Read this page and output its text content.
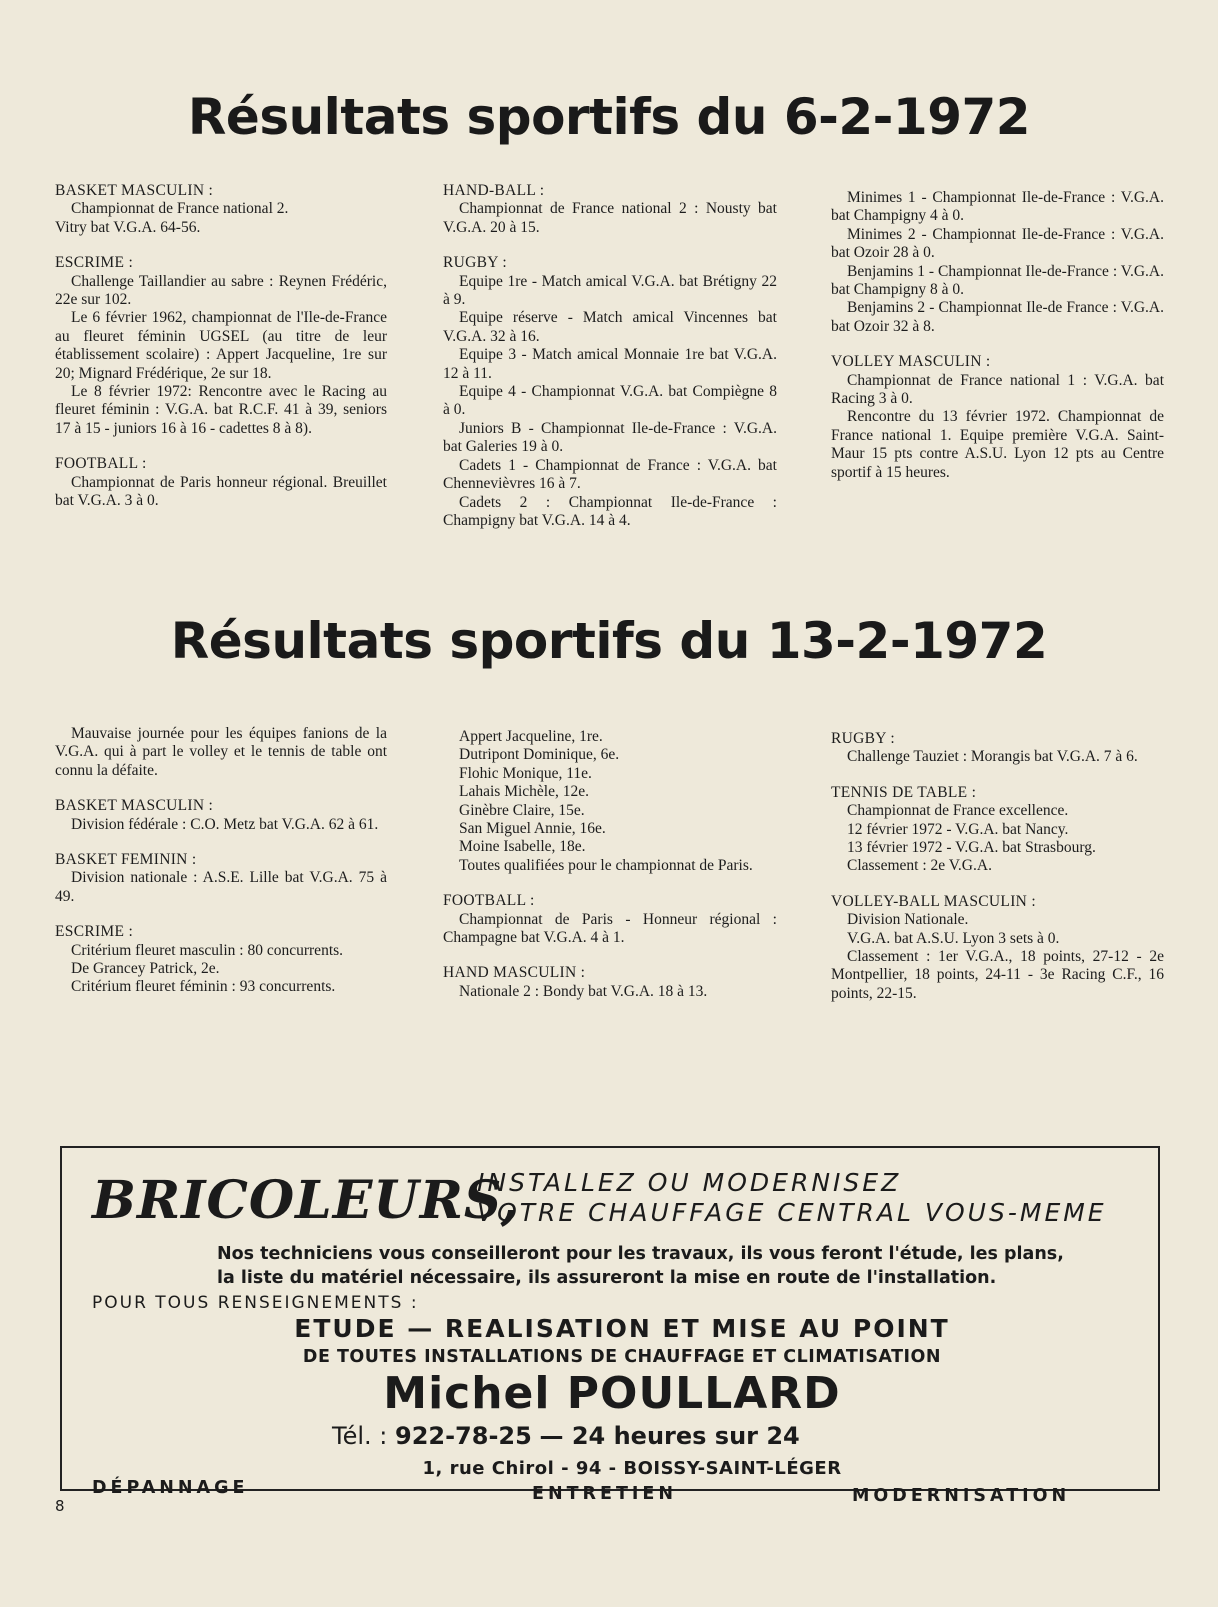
Résultats sportifs du 6-2-1972

BASKET MASCULIN :

Championnat de France national 2.

Vitry bat V.G.A. 64-56.

ESCRIME :

Challenge Taillandier au sabre : Reynen Frédéric, 22e sur 102.

Le 6 février 1962, championnat de l'Ile-de-France au fleuret féminin UGSEL (au titre de leur établissement scolaire) : Appert Jacqueline, 1re sur 20; Mignard Frédérique, 2e sur 18.

Le 8 février 1972: Rencontre avec le Racing au fleuret féminin : V.G.A. bat R.C.F. 41 à 39, seniors 17 à 15 - juniors 16 à 16 - cadettes 8 à 8).

FOOTBALL :

Championnat de Paris honneur régional. Breuillet bat V.G.A. 3 à 0.

HAND-BALL :

Championnat de France national 2 : Nousty bat V.G.A. 20 à 15.

RUGBY :

Equipe 1re - Match amical V.G.A. bat Brétigny 22 à 9.

Equipe réserve - Match amical Vincennes bat V.G.A. 32 à 16.

Equipe 3 - Match amical Monnaie 1re bat V.G.A. 12 à 11.

Equipe 4 - Championnat V.G.A. bat Compiègne 8 à 0.

Juniors B - Championnat Ile-de-France : V.G.A. bat Galeries 19 à 0.

Cadets 1 - Championnat de France : V.G.A. bat Chennevièvres 16 à 7.

Cadets 2 : Championnat Ile-de-France : Champigny bat V.G.A. 14 à 4.

Minimes 1 - Championnat Ile-de-France : V.G.A. bat Champigny 4 à 0.

Minimes 2 - Championnat Ile-de-France : V.G.A. bat Ozoir 28 à 0.

Benjamins 1 - Championnat Ile-de-France : V.G.A. bat Champigny 8 à 0.

Benjamins 2 - Championnat Ile-de France : V.G.A. bat Ozoir 32 à 8.

VOLLEY MASCULIN :

Championnat de France national 1 : V.G.A. bat Racing 3 à 0.

Rencontre du 13 février 1972. Championnat de France national 1. Equipe première V.G.A. Saint-Maur 15 pts contre A.S.U. Lyon 12 pts au Centre sportif à 15 heures.

Résultats sportifs du 13-2-1972

Mauvaise journée pour les équipes fanions de la V.G.A. qui à part le volley et le tennis de table ont connu la défaite.

BASKET MASCULIN :

Division fédérale : C.O. Metz bat V.G.A. 62 à 61.

BASKET FEMININ :

Division nationale : A.S.E. Lille bat V.G.A. 75 à 49.

ESCRIME :

Critérium fleuret masculin : 80 concurrents.

De Grancey Patrick, 2e.

Critérium fleuret féminin : 93 concurrents.

Appert Jacqueline, 1re.

Dutripont Dominique, 6e.

Flohic Monique, 11e.

Lahais Michèle, 12e.

Ginèbre Claire, 15e.

San Miguel Annie, 16e.

Moine Isabelle, 18e.

Toutes qualifiées pour le championnat de Paris.

FOOTBALL :

Championnat de Paris - Honneur régional : Champagne bat V.G.A. 4 à 1.

HAND MASCULIN :

Nationale 2 : Bondy bat V.G.A. 18 à 13.

RUGBY :

Challenge Tauziet : Morangis bat V.G.A. 7 à 6.

TENNIS DE TABLE :

Championnat de France excellence.

12 février 1972 - V.G.A. bat Nancy.

13 février 1972 - V.G.A. bat Strasbourg.

Classement : 2e V.G.A.

VOLLEY-BALL MASCULIN :

Division Nationale.

V.G.A. bat A.S.U. Lyon 3 sets à 0.

Classement : 1er V.G.A., 18 points, 27-12 - 2e Montpellier, 18 points, 24-11 - 3e Racing C.F., 16 points, 22-15.

BRICOLEURS,
INSTALLEZ OU MODERNISEZ
VOTRE CHAUFFAGE CENTRAL VOUS-MEME
Nos techniciens vous conseilleront pour les travaux, ils vous feront l'étude, les plans,
la liste du matériel nécessaire, ils assureront la mise en route de l'installation.
POUR TOUS RENSEIGNEMENTS :
ETUDE — REALISATION ET MISE AU POINT
DE TOUTES INSTALLATIONS DE CHAUFFAGE ET CLIMATISATION
Michel POULLARD
Tél. : 922-78-25 — 24 heures sur 24
1, rue Chirol - 94 - BOISSY-SAINT-LÉGER
DÉPANNAGE	ENTRETIEN	MODERNISATION
8
